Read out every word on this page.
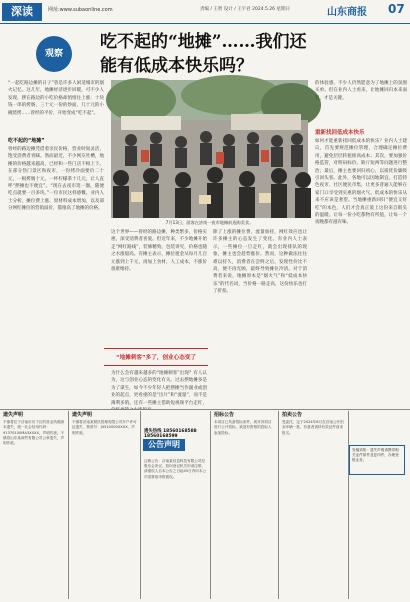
深读	网址:www.subaonline.com	责编 / 王智 设计 / 王宇君 2024.5.26 星期日	山东商报 07
观察
吃不起的“地摊”……我们还能有低成本快乐吗？
“一起吃路边摊的日子”曾是许多人闲适城市的烟火记忆。这几年，地摊经济逐步回暖，可不少人发现，摆在路边的小吃价格却悄悄往上涨：十块钱一串的烤肠，三十元一份的炒面，几十元的小碗烧烤……曾经的平价，开始变成“吃不起”。
吃不起的“地摊”
曾经的路边摊凭借着亲民价格，营业时间灵活，饱受消费者青睐。然而最近，不少网友吐槽，地摊的价格越来越高，已经和一些门店不相上下。在部分热门景区和夜市，一份烤冷面要价二十元，一根烤肠十元，一杯柠檬茶十几元，让人直呼“摆摊也不便宜”。“现在去夜市逛一圈，随便吃点就要一百多块。”一位市民这样感慨。业内人士分析，摊位费上涨、原材料成本增加，以及部分网红摊位的营销溢价，都推高了地摊的价格。
7月13日，游客在济南一夜市地摊前选购美食。
这个世界——曾经的路边摊，种类繁多，价格实惠，深受消费者喜爱。但近年来，不少地摊开始走“网红路线”，装修精致、包装讲究，价格也随之水涨船高。有摊主表示，摊位租金从每月几百元涨到上千元，再加上食材、人工成本，不涨价很难维持。
“地摊刺客”多了，创业心态变了
为什么会有越来越多的“地摊刺客”出现？有人认为，这与创业心态的变化有关。过去摆地摊多是为了谋生，如今不少年轻人把摆摊当作副业或创业的起点，更看重的是“出片”和“流量”，而不是薄利多销。还有一些摊主借助短视频平台走红，
除了上涨的摊位费，流量加持，网红效应也让许多摊主的心态发生了变化。有业内人士表示，一些摊位一旦走红，就会出现排队的现象，摊主也会趁势涨价。然而，这种做法往往难以持久，消费者在尝鲜之后，发现性价比不高，便不再光顾，最终导致摊位冷清。对于消费者来说，地摊原本是“烟火气”和“低成本快乐”的代名词，当价格一路走高，这份快乐也打了折扣。
的体验感，不少人仍然愿意为了地摊上的氛围买单。但在业内人士看来，让地摊回归本来面目，才是关键。
重新找回低成本快乐
如何才能重新找回低成本的快乐？业内人士建议，首先要规范摊位管理，合理确定摊位费用，避免层层转租推高成本；其次，要加强价格监管，对明码标价、缺斤短两等问题进行整治；最后，摊主也要回归初心，以质优价廉吸引回头客。此外，各地可以因地制宜，打造特色夜市、社区便民市集，让更多普通人能够在家门口享受到实惠的烟火气。低成本的快乐从来不应该是奢望。当地摊重新回归“便宜又好吃”的本色，人们才会真正爱上这份来自街头的温暖。让每一份小吃都物有所值，让每一个夜晚都有滋有味。
遗失声明
不慎将位于济南市历下区的营业执照副本遗失，统一社会信用代码：91370100MA3XXXX，声明作废。不慎将山东某商贸有限公司公章遗失，声明作废。
遗失声明
不慎将济南某餐饮管理有限公司开户许可证遗失，核准号：J4510000XXXX，声明作废。	遗失热线 18560168588 18560168599
公告声明
注销公告：济南某信息科技有限公司经股东会决议，拟向登记机关申请注销，请债权人自本公告之日起45日内向本公司清算组申报债权。
招标公告
本项目已具备招标条件，现对该项目进行公开招标，欢迎有资格的投标人参加投标。
拍卖公告
受委托，定于2024年6月在济南公开拍卖车辆一批，有意者请持有效证件前来报名。
发稿须知：遗失声明请携带相关证件原件及复印件，办理登报业务。
